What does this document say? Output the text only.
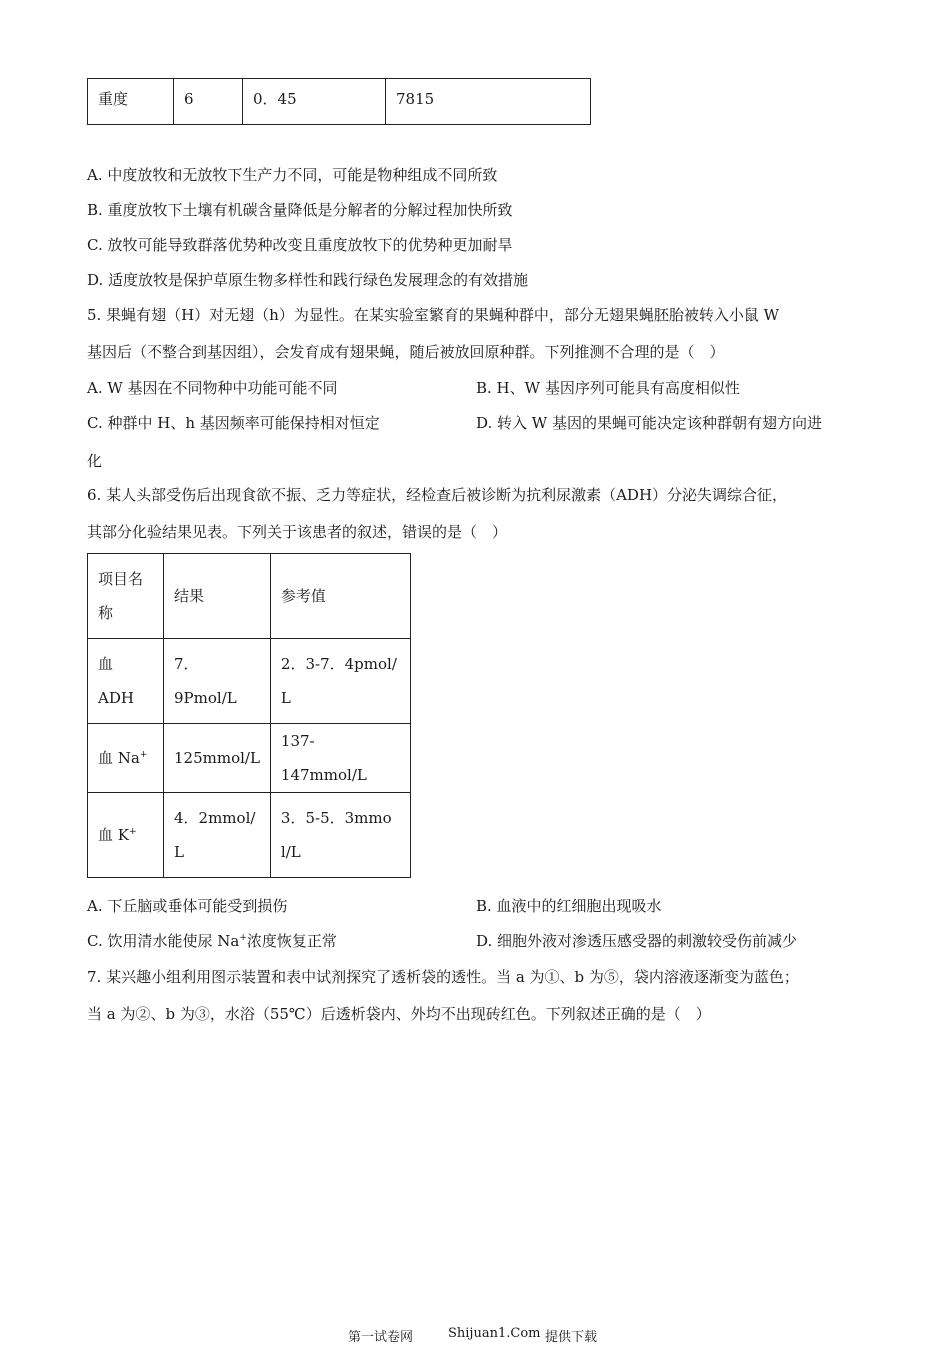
重度	6	0．45	7815
A. 中度放牧和无放牧下生产力不同，可能是物种组成不同所致
B. 重度放牧下土壤有机碳含量降低是分解者的分解过程加快所致
C. 放牧可能导致群落优势种改变且重度放牧下的优势种更加耐旱
D. 适度放牧是保护草原生物多样性和践行绿色发展理念的有效措施
5. 果蝇有翅（H）对无翅（h）为显性。在某实验室繁育的果蝇种群中，部分无翅果蝇胚胎被转入小鼠 W
基因后（不整合到基因组），会发育成有翅果蝇，随后被放回原种群。下列推测不合理的是（　）
A. W 基因在不同物种中功能可能不同	B. H、W 基因序列可能具有高度相似性
C. 种群中 H、h 基因频率可能保持相对恒定	D. 转入 W 基因的果蝇可能决定该种群朝有翅方向进
化
6. 某人头部受伤后出现食欲不振、乏力等症状，经检查后被诊断为抗利尿激素（ADH）分泌失调综合征，
其部分化验结果见表。下列关于该患者的叙述，错误的是（　）
项目名称	结果	参考值
血 ADH	7．9Pmol/L	2．3-7．4pmol/L
血 Na+	125mmol/L	137-147mmol/L
血 K+	4．2mmol/L	3．5-5．3mmol/L
A. 下丘脑或垂体可能受到损伤	B. 血液中的红细胞出现吸水
C. 饮用清水能使尿 Na+浓度恢复正常	D. 细胞外液对渗透压感受器的刺激较受伤前减少
7. 某兴趣小组利用图示装置和表中试剂探究了透析袋的透性。当 a 为①、b 为⑤，袋内溶液逐渐变为蓝色；
当 a 为②、b 为③，水浴（55℃）后透析袋内、外均不出现砖红色。下列叙述正确的是（　）
第一试卷网	Shijuan1.Com 提供下载
